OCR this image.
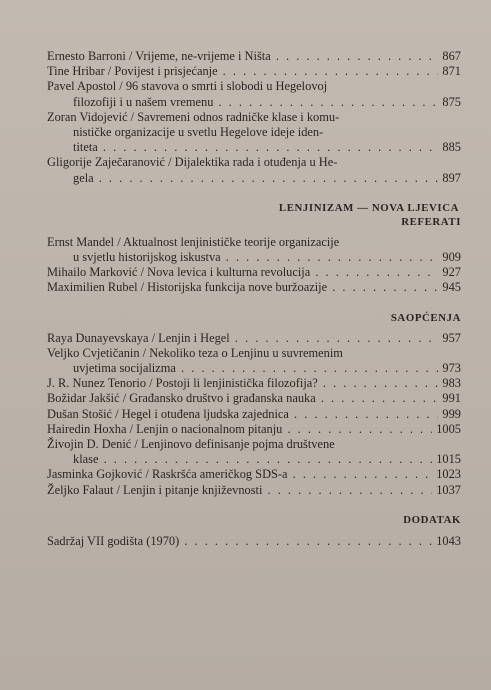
Ernesto Barroni / Vrijeme, ne-vrijeme i Ništa . . .	867
Tine Hribar / Povijest i prisjećanje . . .	871
Pavel Apostol / 96 stavova o smrti i slobodi u Hegelovoj
filozofiji i u našem vremenu . . .	875
Zoran Vidojević / Savremeni odnos radničke klase i komu-
nističke organizacije u svetlu Hegelove ideje iden-
titeta . . .	885
Gligorije Zaječaranović / Dijalektika rada i otuđenja u He-
gela . . .	897
LENJINIZAM — NOVA LJEVICA
REFERATI
Ernst Mandel / Aktualnost lenjinističke teorije organizacije
u svjetlu historijskog iskustva . . .	909
Mihailo Marković / Nova levica i kulturna revolucija . . .	927
Maximilien Rubel / Historijska funkcija nove buržoazije . . .	945
SAOPĆENJA
Raya Dunayevskaya / Lenjin i Hegel . . .	957
Veljko Cvjetičanin / Nekoliko teza o Lenjinu u suvremenim
uvjetima socijalizma . . .	973
J. R. Nunez Tenorio / Postoji li lenjinistička filozofija? . . .	983
Božidar Jakšić / Građansko društvo i građanska nauka . . .	991
Dušan Stošić / Hegel i otuđena ljudska zajednica . . .	999
Hairedin Hoxha / Lenjin o nacionalnom pitanju . . .	1005
Živojin D. Denić / Lenjinovo definisanje pojma društvene
klase . . .	1015
Jasminka Gojković / Raskršća američkog SDS-a . . .	1023
Željko Falaut / Lenjin i pitanje književnosti . . .	1037
DODATAK
Sadržaj VII godišta (1970) . . .	1043
